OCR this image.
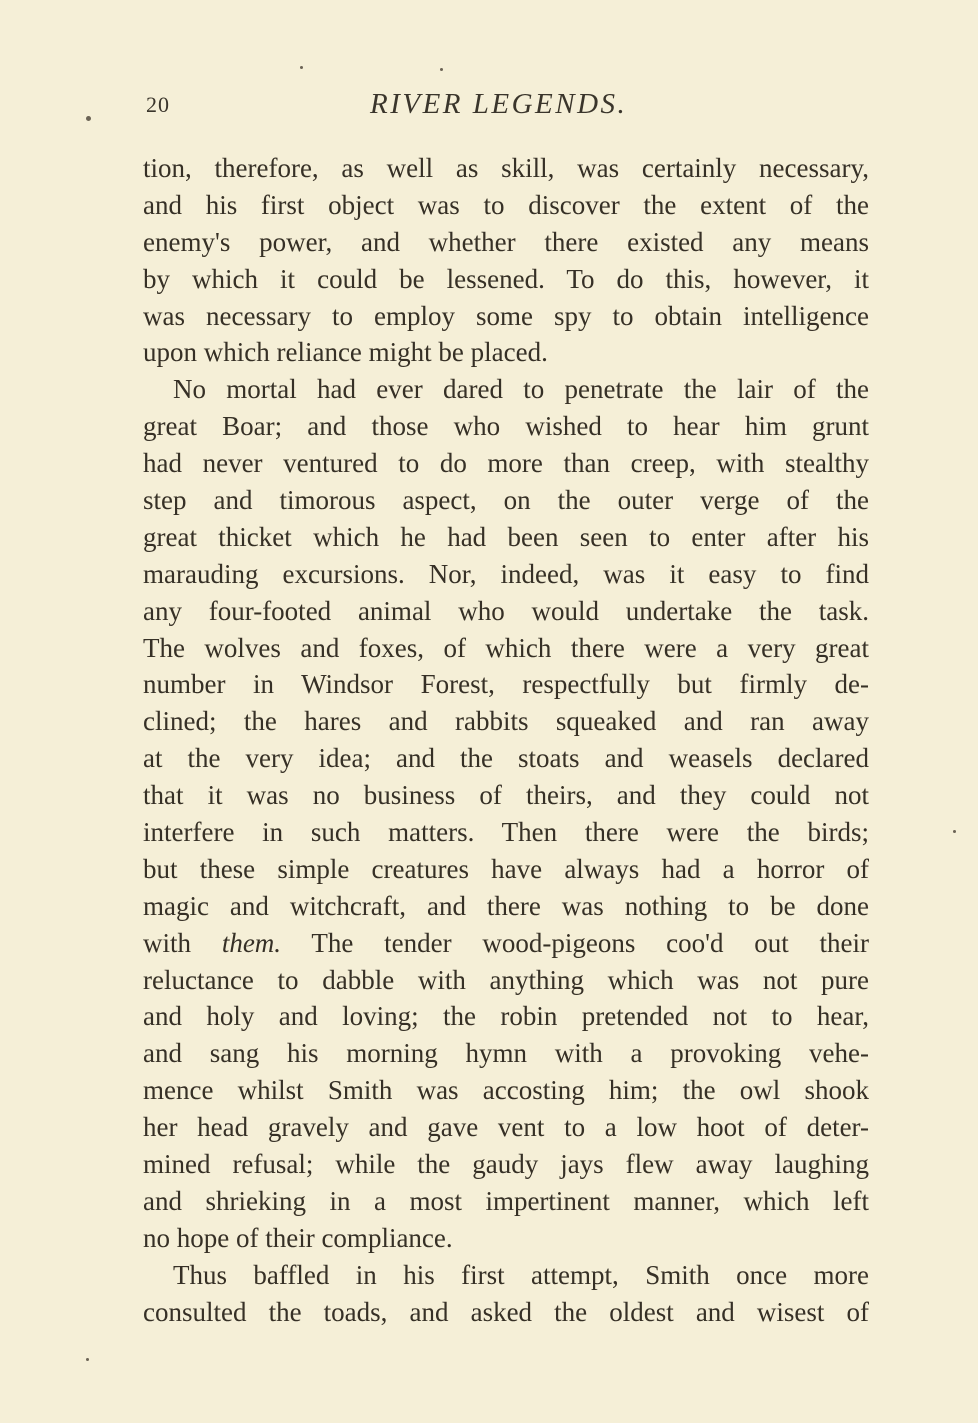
20	RIVER LEGENDS.
tion, therefore, as well as skill, was certainly necessary,
and his first object was to discover the extent of the
enemy's power, and whether there existed any means
by which it could be lessened. To do this, however, it
was necessary to employ some spy to obtain intelligence
upon which reliance might be placed.
No mortal had ever dared to penetrate the lair of the
great Boar; and those who wished to hear him grunt
had never ventured to do more than creep, with stealthy
step and timorous aspect, on the outer verge of the
great thicket which he had been seen to enter after his
marauding excursions. Nor, indeed, was it easy to find
any four-footed animal who would undertake the task.
The wolves and foxes, of which there were a very great
number in Windsor Forest, respectfully but firmly de-
clined; the hares and rabbits squeaked and ran away
at the very idea; and the stoats and weasels declared
that it was no business of theirs, and they could not
interfere in such matters. Then there were the birds;
but these simple creatures have always had a horror of
magic and witchcraft, and there was nothing to be done
with them. The tender wood-pigeons coo'd out their
reluctance to dabble with anything which was not pure
and holy and loving; the robin pretended not to hear,
and sang his morning hymn with a provoking vehe-
mence whilst Smith was accosting him; the owl shook
her head gravely and gave vent to a low hoot of deter-
mined refusal; while the gaudy jays flew away laughing
and shrieking in a most impertinent manner, which left
no hope of their compliance.
Thus baffled in his first attempt, Smith once more
consulted the toads, and asked the oldest and wisest of
